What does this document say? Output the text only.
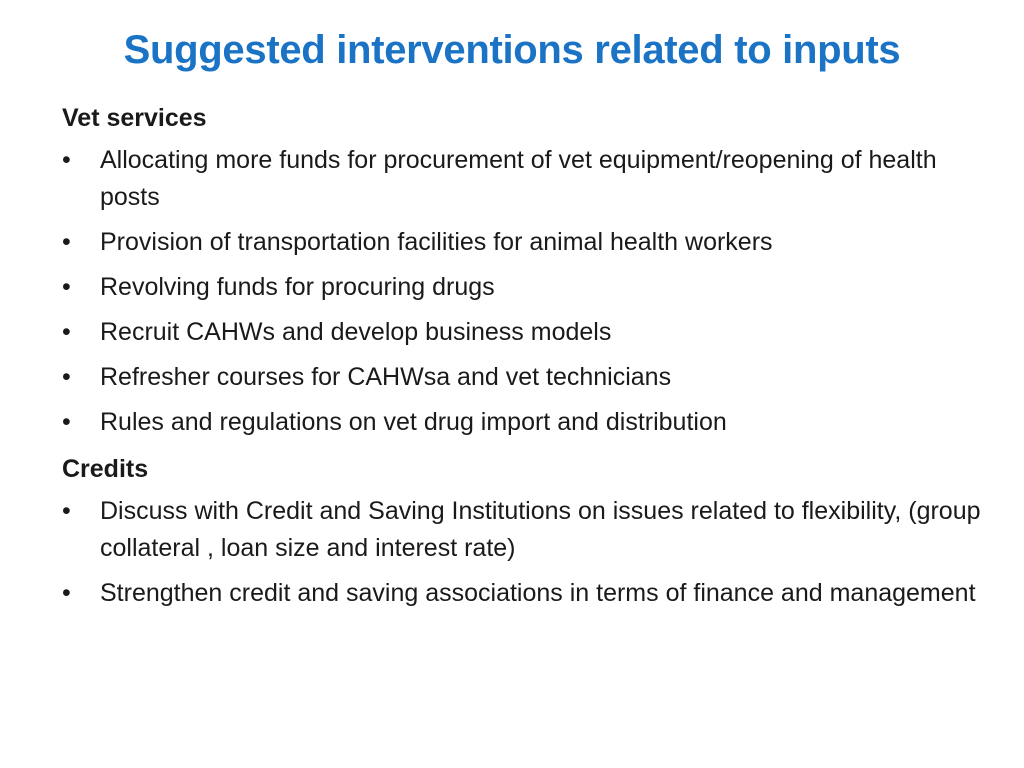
Suggested interventions related to inputs
Vet services
•	Allocating more funds for procurement of vet equipment/reopening of health posts
•	Provision of transportation facilities for animal health workers
•	Revolving funds for procuring drugs
•	Recruit CAHWs and develop business models
•	Refresher courses for CAHWsa and vet technicians
•	Rules and regulations on vet drug import and distribution
Credits
•	Discuss with Credit and Saving Institutions on issues related to flexibility, (group collateral , loan size and interest rate)
•	Strengthen credit and saving associations in terms of finance and management
